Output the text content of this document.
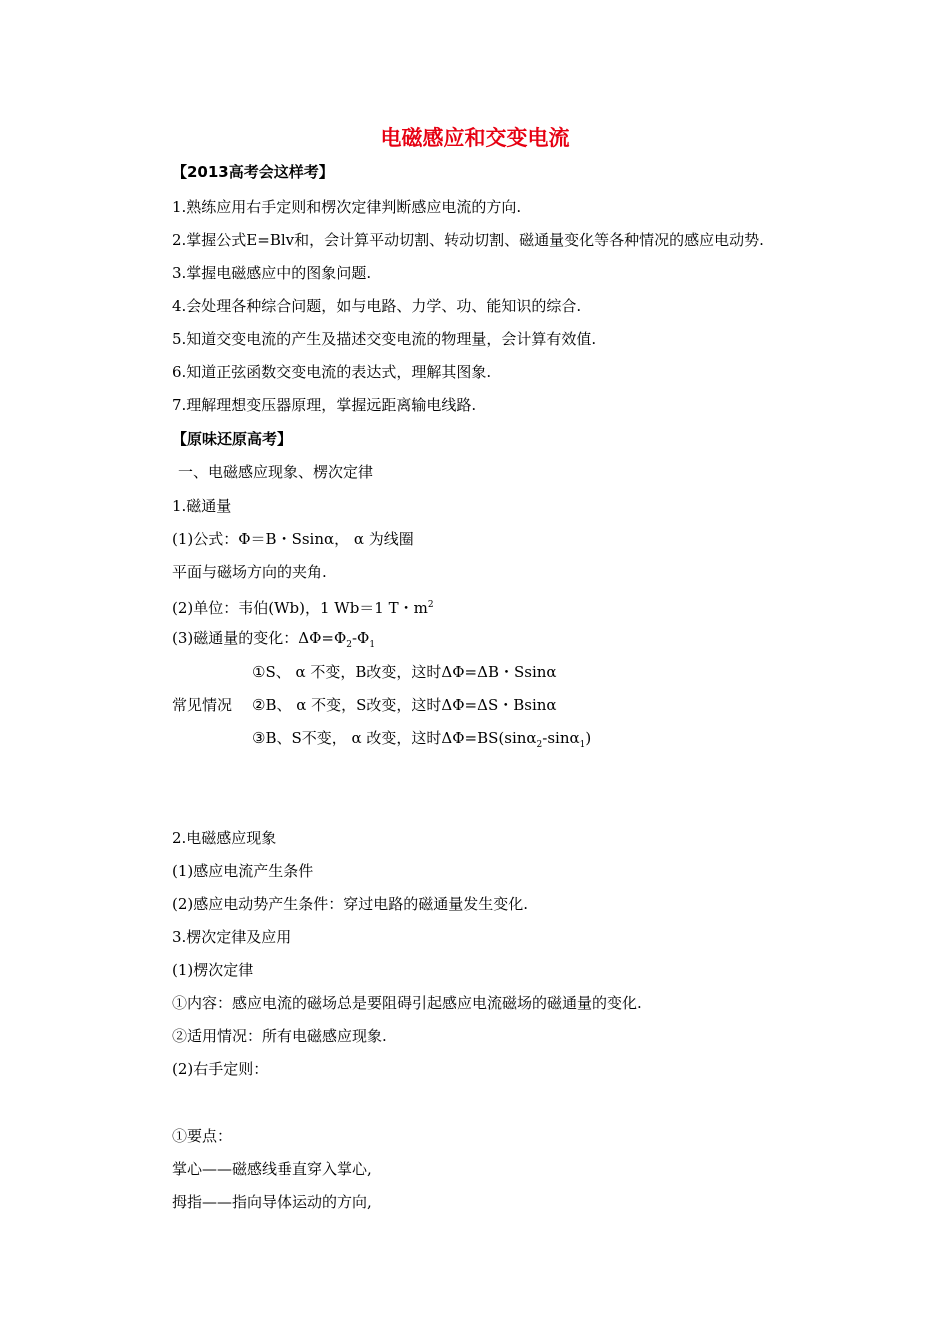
电磁感应和交变电流
【2013高考会这样考】
1.熟练应用右手定则和楞次定律判断感应电流的方向.
2.掌握公式E=Blv和，会计算平动切割、转动切割、磁通量变化等各种情况的感应电动势.
3.掌握电磁感应中的图象问题.
4.会处理各种综合问题，如与电路、力学、功、能知识的综合.
5.知道交变电流的产生及描述交变电流的物理量，会计算有效值.
6.知道正弦函数交变电流的表达式，理解其图象.
7.理解理想变压器原理，掌握远距离输电线路.
【原味还原高考】
一、电磁感应现象、楞次定律
1.磁通量
(1)公式：Φ＝B・Ssinα， α 为线圈
平面与磁场方向的夹角.
(2)单位：韦伯(Wb)，1 Wb＝1 T・$m^2$
(3)磁通量的变化：$\Delta\Phi=\Phi_2-\Phi_1$
①S、 α 不变，B改变，这时ΔΦ=ΔB・Ssinα
常见情况 ②B、 α 不变，S改变，这时ΔΦ=ΔS・Bsinα
③B、S不变， α 改变，这时ΔΦ=BS(sinα$_2$-sinα$_1$)
2.电磁感应现象
(1)感应电流产生条件
(2)感应电动势产生条件：穿过电路的磁通量发生变化.
3.楞次定律及应用
(1)楞次定律
①内容：感应电流的磁场总是要阻碍引起感应电流磁场的磁通量的变化.
②适用情况：所有电磁感应现象.
(2)右手定则：
①要点：
掌心——磁感线垂直穿入掌心,
拇指——指向导体运动的方向,
